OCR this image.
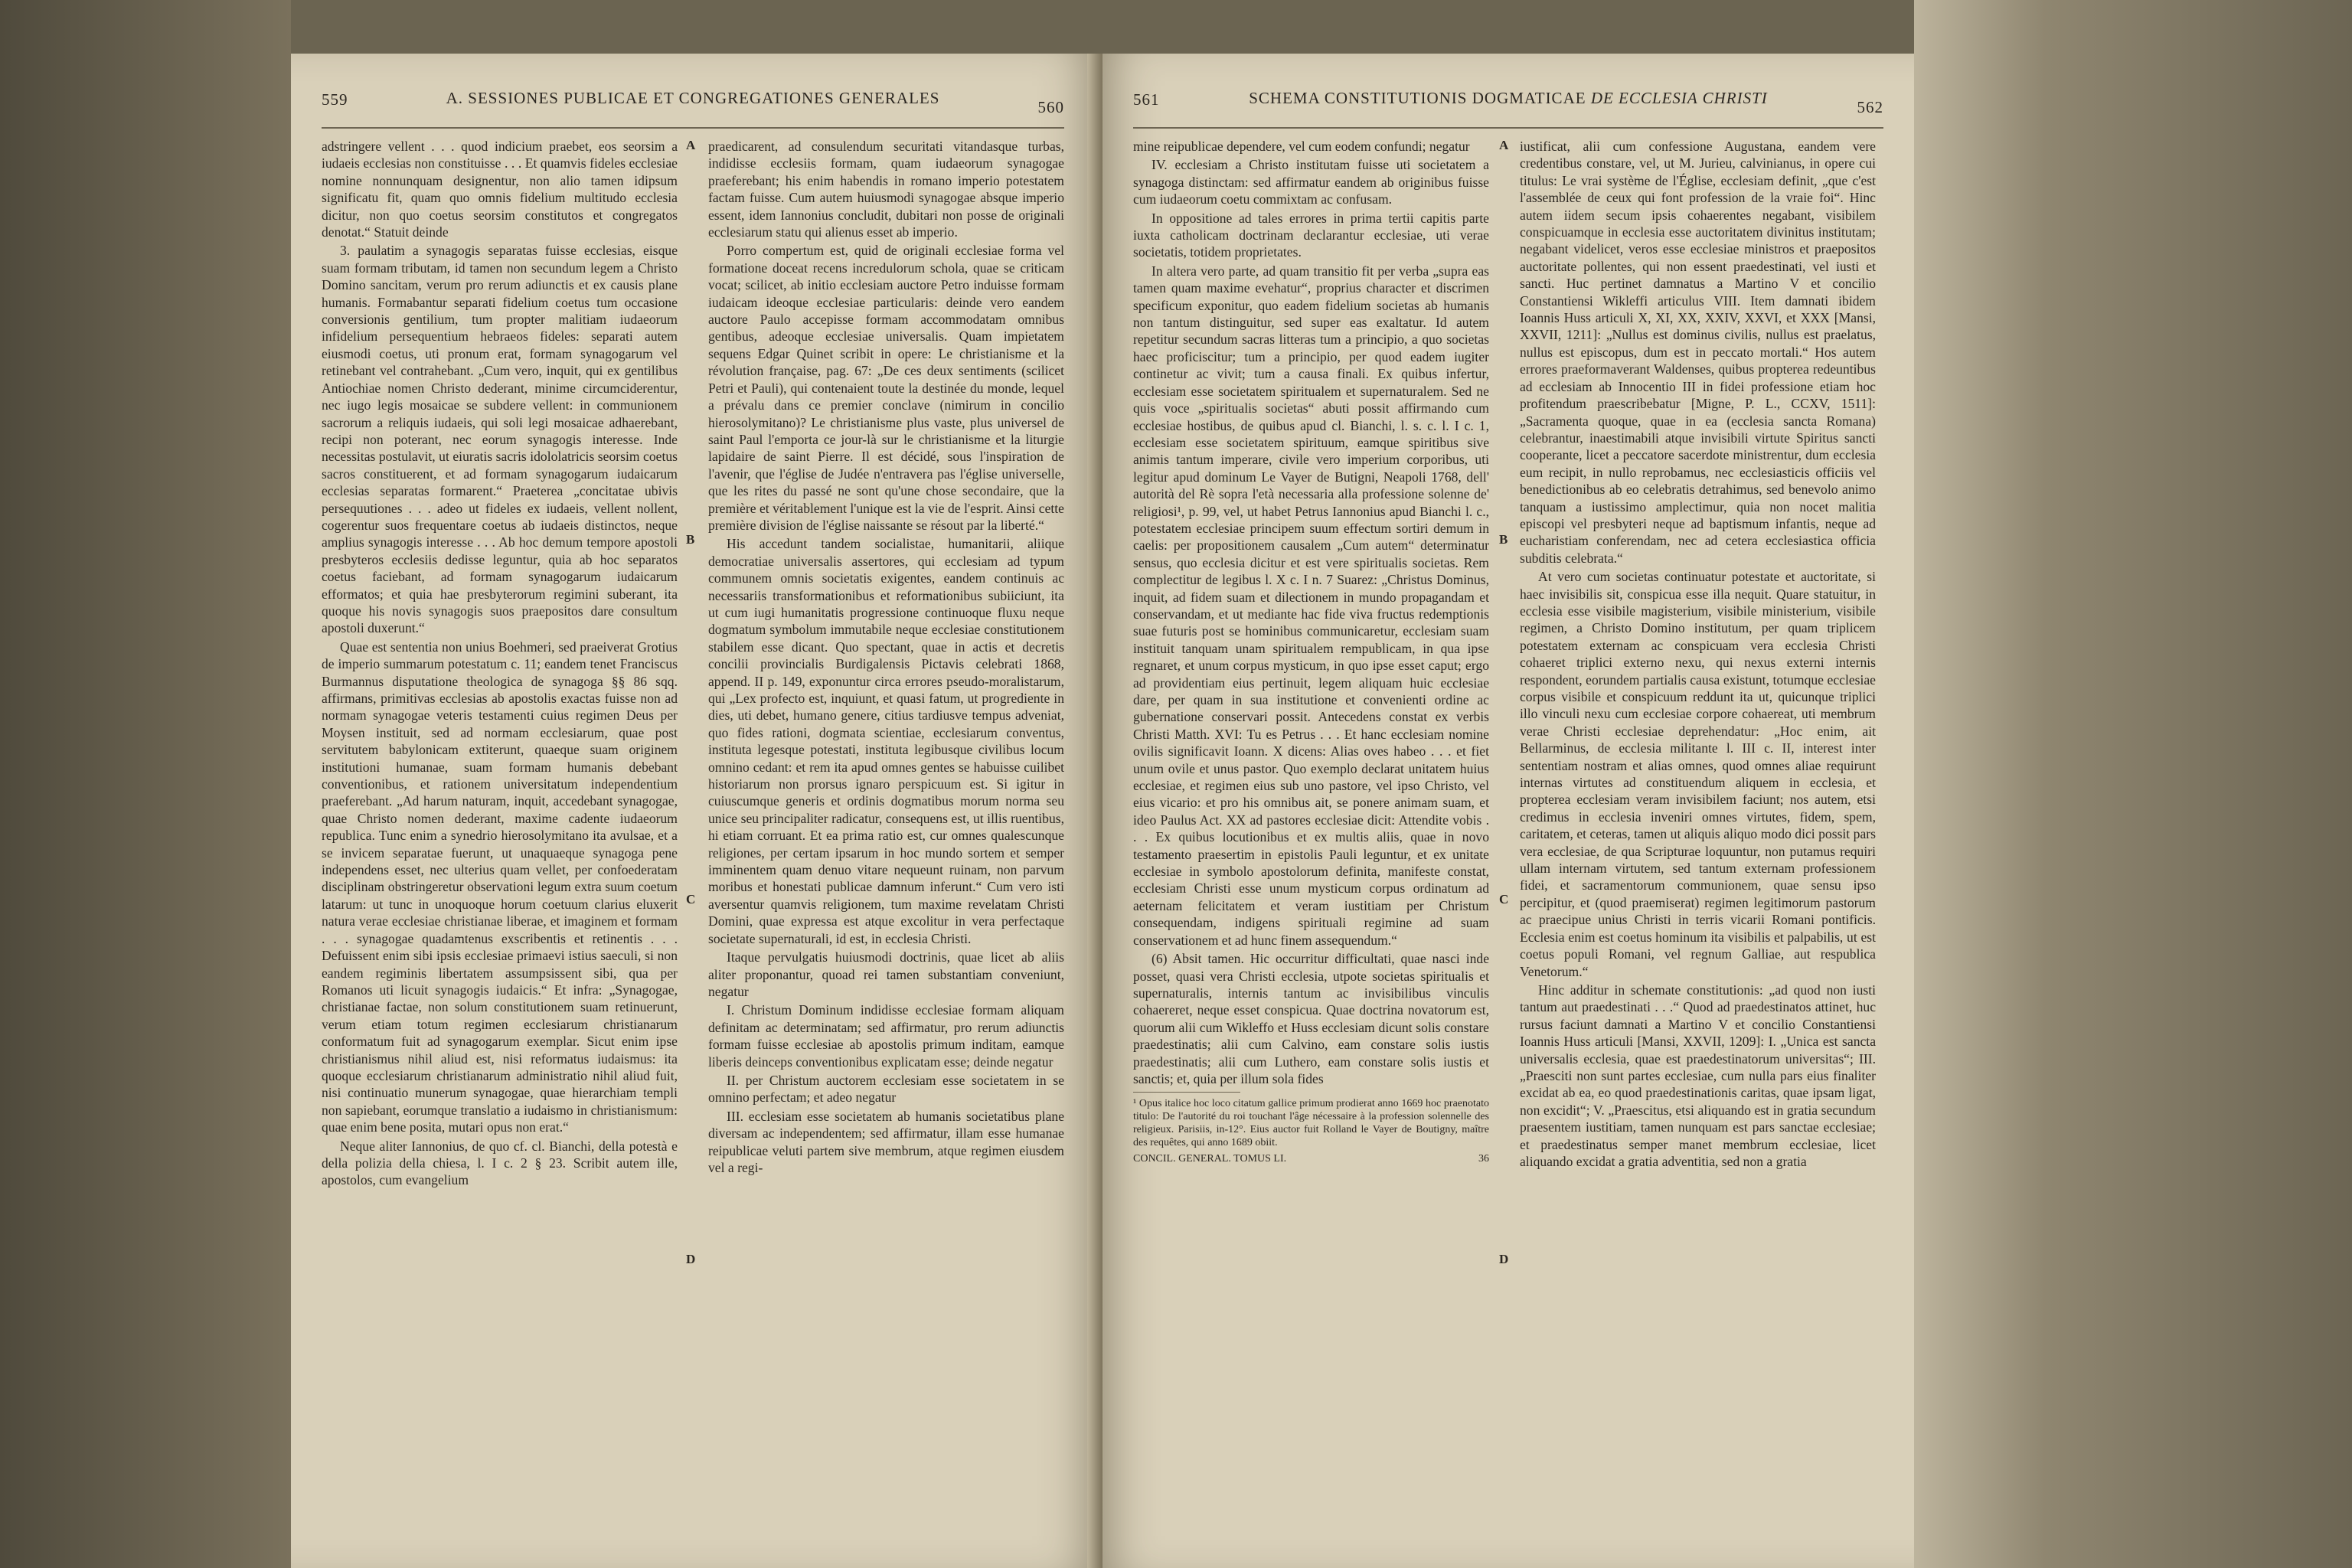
559	A. SESSIONES PUBLICAE ET CONGREGATIONES GENERALES	560

adstringere vellent . . . quod indicium praebet, eos seorsim a iudaeis ecclesias non constituisse . . . Et quamvis fideles ecclesiae nomine nonnunquam designentur, non alio tamen idipsum significatu fit, quam quo omnis fidelium multitudo ecclesia dicitur, non quo coetus seorsim constitutos et congregatos denotat.“ Statuit deinde

3. paulatim a synagogis separatas fuisse ecclesias, eisque suam formam tributam, id tamen non secundum legem a Christo Domino sancitam, verum pro rerum adiunctis et ex causis plane humanis. Formabantur separati fidelium coetus tum occasione conversionis gentilium, tum propter malitiam iudaeorum infidelium persequentium hebraeos fideles: separati autem eiusmodi coetus, uti pronum erat, formam synagogarum vel retinebant vel contrahebant. „Cum vero, inquit, qui ex gentilibus Antiochiae nomen Christo dederant, minime circumciderentur, nec iugo legis mosaicae se subdere vellent: in communionem sacrorum a reliquis iudaeis, qui soli legi mosaicae adhaerebant, recipi non poterant, nec eorum synagogis interesse. Inde necessitas postulavit, ut eiuratis sacris idololatricis seorsim coetus sacros constituerent, et ad formam synagogarum iudaicarum ecclesias separatas formarent.“ Praeterea „concitatae ubivis persequutiones . . . adeo ut fideles ex iudaeis, vellent nollent, cogerentur suos frequentare coetus ab iudaeis distinctos, neque amplius synagogis interesse . . . Ab hoc demum tempore apostoli presbyteros ecclesiis dedisse leguntur, quia ab hoc separatos coetus faciebant, ad formam synagogarum iudaicarum efformatos; et quia hae presbyterorum regimini suberant, ita quoque his novis synagogis suos praepositos dare consultum apostoli duxerunt.“

Quae est sententia non unius Boehmeri, sed praeiverat Grotius de imperio summarum potestatum c. 11; eandem tenet Franciscus Burmannus disputatione theologica de synagoga §§ 86 sqq. affirmans, primitivas ecclesias ab apostolis exactas fuisse non ad normam synagogae veteris testamenti cuius regimen Deus per Moysen instituit, sed ad normam ecclesiarum, quae post servitutem babylonicam extiterunt, quaeque suam originem institutioni humanae, suam formam humanis debebant conventionibus, et rationem universitatum independentium praeferebant. „Ad harum naturam, inquit, accedebant synagogae, quae Christo nomen dederant, maxime cadente iudaeorum republica. Tunc enim a synedrio hierosolymitano ita avulsae, et a se invicem separatae fuerunt, ut unaquaeque synagoga pene independens esset, nec ulterius quam vellet, per confoederatam disciplinam obstringeretur observationi legum extra suum coetum latarum: ut tunc in unoquoque horum coetuum clarius eluxerit natura verae ecclesiae christianae liberae, et imaginem et formam . . . synagogae quadamtenus exscribentis et retinentis . . . Defuissent enim sibi ipsis ecclesiae primaevi istius saeculi, si non eandem regiminis libertatem assumpsissent sibi, qua per Romanos uti licuit synagogis iudaicis.“ Et infra: „Synagogae, christianae factae, non solum constitutionem suam retinuerunt, verum etiam totum regimen ecclesiarum christianarum conformatum fuit ad synagogarum exemplar. Sicut enim ipse christianismus nihil aliud est, nisi reformatus iudaismus: ita quoque ecclesiarum christianarum administratio nihil aliud fuit, nisi continuatio munerum synagogae, quae hierarchiam templi non sapiebant, eorumque translatio a iudaismo in christianismum: quae enim bene posita, mutari opus non erat.“

Neque aliter Iannonius, de quo cf. cl. Bianchi, della potestà e della polizia della chiesa, l. I c. 2 § 23. Scribit autem ille, apostolos, cum evangelium

A
B
C
D

praedicarent, ad consulendum securitati vitandasque turbas, indidisse ecclesiis formam, quam iudaeorum synagogae praeferebant; his enim habendis in romano imperio potestatem factam fuisse. Cum autem huiusmodi synagogae absque imperio essent, idem Iannonius concludit, dubitari non posse de originali ecclesiarum statu qui alienus esset ab imperio.

Porro compertum est, quid de originali ecclesiae forma vel formatione doceat recens incredulorum schola, quae se criticam vocat; scilicet, ab initio ecclesiam auctore Petro induisse formam iudaicam ideoque ecclesiae particularis: deinde vero eandem auctore Paulo accepisse formam accommodatam omnibus gentibus, adeoque ecclesiae universalis. Quam impietatem sequens Edgar Quinet scribit in opere: Le christianisme et la révolution française, pag. 67: „De ces deux sentiments (scilicet Petri et Pauli), qui contenaient toute la destinée du monde, lequel a prévalu dans ce premier conclave (nimirum in concilio hierosolymitano)? Le christianisme plus vaste, plus universel de saint Paul l'emporta ce jour-là sur le christianisme et la liturgie lapidaire de saint Pierre. Il est décidé, sous l'inspiration de l'avenir, que l'église de Judée n'entravera pas l'église universelle, que les rites du passé ne sont qu'une chose secondaire, que la première et véritablement l'unique est la vie de l'esprit. Ainsi cette première division de l'église naissante se résout par la liberté.“

His accedunt tandem socialistae, humanitarii, aliique democratiae universalis assertores, qui ecclesiam ad typum communem omnis societatis exigentes, eandem continuis ac necessariis transformationibus et reformationibus subiiciunt, ita ut cum iugi humanitatis progressione continuoque fluxu neque dogmatum symbolum immutabile neque ecclesiae constitutionem stabilem esse dicant. Quo spectant, quae in actis et decretis concilii provincialis Burdigalensis Pictavis celebrati 1868, append. II p. 149, exponuntur circa errores pseudo-moralistarum, qui „Lex profecto est, inquiunt, et quasi fatum, ut progrediente in dies, uti debet, humano genere, citius tardiusve tempus adveniat, quo fides rationi, dogmata scientiae, ecclesiarum conventus, instituta legesque potestati, instituta legibusque civilibus locum omnino cedant: et rem ita apud omnes gentes se habuisse cuilibet historiarum non prorsus ignaro perspicuum est. Si igitur in cuiuscumque generis et ordinis dogmatibus morum norma seu unice seu principaliter radicatur, consequens est, ut illis ruentibus, hi etiam corruant. Et ea prima ratio est, cur omnes qualescunque religiones, per certam ipsarum in hoc mundo sortem et semper imminentem quam denuo vitare nequeunt ruinam, non parvum moribus et honestati publicae damnum inferunt.“ Cum vero isti aversentur quamvis religionem, tum maxime revelatam Christi Domini, quae expressa est atque excolitur in vera perfectaque societate supernaturali, id est, in ecclesia Christi.

Itaque pervulgatis huiusmodi doctrinis, quae licet ab aliis aliter proponantur, quoad rei tamen substantiam conveniunt, negatur

I. Christum Dominum indidisse ecclesiae formam aliquam definitam ac determinatam; sed affirmatur, pro rerum adiunctis formam fuisse ecclesiae ab apostolis primum inditam, eamque liberis deinceps conventionibus explicatam esse; deinde negatur

II. per Christum auctorem ecclesiam esse societatem in se omnino perfectam; et adeo negatur

III. ecclesiam esse societatem ab humanis societatibus plane diversam ac independentem; sed affirmatur, illam esse humanae reipublicae veluti partem sive membrum, atque regimen eiusdem vel a regi-

561	SCHEMA CONSTITUTIONIS DOGMATICAE DE ECCLESIA CHRISTI	562

mine reipublicae dependere, vel cum eodem confundi; negatur

IV. ecclesiam a Christo institutam fuisse uti societatem a synagoga distinctam: sed affirmatur eandem ab originibus fuisse cum iudaeorum coetu commixtam ac confusam.

In oppositione ad tales errores in prima tertii capitis parte iuxta catholicam doctrinam declarantur ecclesiae, uti verae societatis, totidem proprietates.

In altera vero parte, ad quam transitio fit per verba „supra eas tamen quam maxime evehatur“, proprius character et discrimen specificum exponitur, quo eadem fidelium societas ab humanis non tantum distinguitur, sed super eas exaltatur. Id autem repetitur secundum sacras litteras tum a principio, a quo societas haec proficiscitur; tum a principio, per quod eadem iugiter continetur ac vivit; tum a causa finali. Ex quibus infertur, ecclesiam esse societatem spiritualem et supernaturalem. Sed ne quis voce „spiritualis societas“ abuti possit affirmando cum ecclesiae hostibus, de quibus apud cl. Bianchi, l. s. c. l. I c. 1, ecclesiam esse societatem spirituum, eamque spiritibus sive animis tantum imperare, civile vero imperium corporibus, uti legitur apud dominum Le Vayer de Butigni, Neapoli 1768, dell' autorità del Rè sopra l'età necessaria alla professione solenne de' religiosi¹, p. 99, vel, ut habet Petrus Iannonius apud Bianchi l. c., potestatem ecclesiae principem suum effectum sortiri demum in caelis: per propositionem causalem „Cum autem“ determinatur sensus, quo ecclesia dicitur et est vere spiritualis societas. Rem complectitur de legibus l. X c. I n. 7 Suarez: „Christus Dominus, inquit, ad fidem suam et dilectionem in mundo propagandam et conservandam, et ut mediante hac fide viva fructus redemptionis suae futuris post se hominibus communicaretur, ecclesiam suam instituit tanquam unam spiritualem rempublicam, in qua ipse regnaret, et unum corpus mysticum, in quo ipse esset caput; ergo ad providentiam eius pertinuit, legem aliquam huic ecclesiae dare, per quam in sua institutione et convenienti ordine ac gubernatione conservari possit. Antecedens constat ex verbis Christi Matth. XVI: Tu es Petrus . . . Et hanc ecclesiam nomine ovilis significavit Ioann. X dicens: Alias oves habeo . . . et fiet unum ovile et unus pastor. Quo exemplo declarat unitatem huius ecclesiae, et regimen eius sub uno pastore, vel ipso Christo, vel eius vicario: et pro his omnibus ait, se ponere animam suam, et ideo Paulus Act. XX ad pastores ecclesiae dicit: Attendite vobis . . . Ex quibus locutionibus et ex multis aliis, quae in novo testamento praesertim in epistolis Pauli leguntur, et ex unitate ecclesiae in symbolo apostolorum definita, manifeste constat, ecclesiam Christi esse unum mysticum corpus ordinatum ad aeternam felicitatem et veram iustitiam per Christum consequendam, indigens spirituali regimine ad suam conservationem et ad hunc finem assequendum.“

(6) Absit tamen. Hic occurritur difficultati, quae nasci inde posset, quasi vera Christi ecclesia, utpote societas spiritualis et supernaturalis, internis tantum ac invisibilibus vinculis cohaereret, neque esset conspicua. Quae doctrina novatorum est, quorum alii cum Wikleffo et Huss ecclesiam dicunt solis constare praedestinatis; alii cum Calvino, eam constare solis iustis praedestinatis; alii cum Luthero, eam constare solis iustis et sanctis; et, quia per illum sola fides

¹ Opus italice hoc loco citatum gallice primum prodierat anno 1669 hoc praenotato titulo: De l'autorité du roi touchant l'âge nécessaire à la profession solennelle des religieux. Parisiis, in-12°. Eius auctor fuit Rolland le Vayer de Boutigny, maître des requêtes, qui anno 1689 obiit.
CONCIL. GENERAL. TOMUS LI.	36
A
B
C
D

iustificat, alii cum confessione Augustana, eandem vere credentibus constare, vel, ut M. Jurieu, calvinianus, in opere cui titulus: Le vrai système de l'Église, ecclesiam definit, „que c'est l'assemblée de ceux qui font profession de la vraie foi“. Hinc autem iidem secum ipsis cohaerentes negabant, visibilem conspicuamque in ecclesia esse auctoritatem divinitus institutam; negabant videlicet, veros esse ecclesiae ministros et praepositos auctoritate pollentes, qui non essent praedestinati, vel iusti et sancti. Huc pertinet damnatus a Martino V et concilio Constantiensi Wikleffi articulus VIII. Item damnati ibidem Ioannis Huss articuli X, XI, XX, XXIV, XXVI, et XXX [Mansi, XXVII, 1211]: „Nullus est dominus civilis, nullus est praelatus, nullus est episcopus, dum est in peccato mortali.“ Hos autem errores praeformaverant Waldenses, quibus propterea redeuntibus ad ecclesiam ab Innocentio III in fidei professione etiam hoc profitendum praescribebatur [Migne, P. L., CCXV, 1511]: „Sacramenta quoque, quae in ea (ecclesia sancta Romana) celebrantur, inaestimabili atque invisibili virtute Spiritus sancti cooperante, licet a peccatore sacerdote ministrentur, dum ecclesia eum recipit, in nullo reprobamus, nec ecclesiasticis officiis vel benedictionibus ab eo celebratis detrahimus, sed benevolo animo tanquam a iustissimo amplectimur, quia non nocet malitia episcopi vel presbyteri neque ad baptismum infantis, neque ad eucharistiam conferendam, nec ad cetera ecclesiastica officia subditis celebrata.“

At vero cum societas continuatur potestate et auctoritate, si haec invisibilis sit, conspicua esse illa nequit. Quare statuitur, in ecclesia esse visibile magisterium, visibile ministerium, visibile regimen, a Christo Domino institutum, per quam triplicem potestatem externam ac conspicuam vera ecclesia Christi cohaeret triplici externo nexu, qui nexus externi internis respondent, eorundem partialis causa existunt, totumque ecclesiae corpus visibile et conspicuum reddunt ita ut, quicunque triplici illo vinculi nexu cum ecclesiae corpore cohaereat, uti membrum verae Christi ecclesiae deprehendatur: „Hoc enim, ait Bellarminus, de ecclesia militante l. III c. II, interest inter sententiam nostram et alias omnes, quod omnes aliae requirunt internas virtutes ad constituendum aliquem in ecclesia, et propterea ecclesiam veram invisibilem faciunt; nos autem, etsi credimus in ecclesia inveniri omnes virtutes, fidem, spem, caritatem, et ceteras, tamen ut aliquis aliquo modo dici possit pars vera ecclesiae, de qua Scripturae loquuntur, non putamus requiri ullam internam virtutem, sed tantum externam professionem fidei, et sacramentorum communionem, quae sensu ipso percipitur, et (quod praemiserat) regimen legitimorum pastorum ac praecipue unius Christi in terris vicarii Romani pontificis. Ecclesia enim est coetus hominum ita visibilis et palpabilis, ut est coetus populi Romani, vel regnum Galliae, aut respublica Venetorum.“

Hinc additur in schemate constitutionis: „ad quod non iusti tantum aut praedestinati . . .“ Quod ad praedestinatos attinet, huc rursus faciunt damnati a Martino V et concilio Constantiensi Ioannis Huss articuli [Mansi, XXVII, 1209]: I. „Unica est sancta universalis ecclesia, quae est praedestinatorum universitas“; III. „Praesciti non sunt partes ecclesiae, cum nulla pars eius finaliter excidat ab ea, eo quod praedestinationis caritas, quae ipsam ligat, non excidit“; V. „Praescitus, etsi aliquando est in gratia secundum praesentem iustitiam, tamen nunquam est pars sanctae ecclesiae; et praedestinatus semper manet membrum ecclesiae, licet aliquando excidat a gratia adventitia, sed non a gratia
